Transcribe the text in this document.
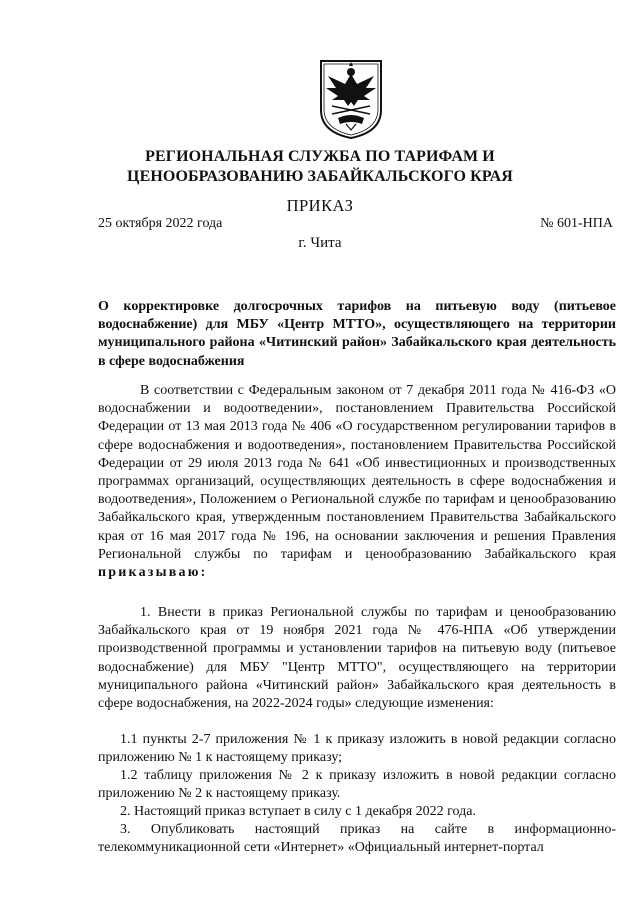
РЕГИОНАЛЬНАЯ СЛУЖБА ПО ТАРИФАМ И
ЦЕНООБРАЗОВАНИЮ ЗАБАЙКАЛЬСКОГО КРАЯ
ПРИКАЗ
25 октября 2022 года	№ 601-НПА
г. Чита
О корректировке долгосрочных тарифов на питьевую воду (питьевое водоснабжение) для МБУ «Центр МТТО», осуществляющего на территории муниципального района «Читинский район» Забайкальского края деятельность в сфере водоснабжения
В соответствии с Федеральным законом от 7 декабря 2011 года № 416-ФЗ «О водоснабжении и водоотведении», постановлением Правительства Российской Федерации от 13 мая 2013 года № 406 «О государственном регулировании тарифов в сфере водоснабжения и водоотведения», постановлением Правительства Российской Федерации от 29 июля 2013 года № 641 «Об инвестиционных и производственных программах организаций, осуществляющих деятельность в сфере водоснабжения и водоотведения», Положением о Региональной службе по тарифам и ценообразованию Забайкальского края, утвержденным постановлением Правительства Забайкальского края от 16 мая 2017 года № 196, на основании заключения и решения Правления Региональной службы по тарифам и ценообразованию Забайкальского края приказываю:
1. Внести в приказ Региональной службы по тарифам и ценообразованию Забайкальского края от 19 ноября 2021 года № 476-НПА «Об утверждении производственной программы и установлении тарифов на питьевую воду (питьевое водоснабжение) для МБУ "Центр МТТО", осуществляющего на территории муниципального района «Читинский район» Забайкальского края деятельность в сфере водоснабжения, на 2022-2024 годы» следующие изменения:
1.1 пункты 2-7 приложения № 1 к приказу изложить в новой редакции согласно приложению № 1 к настоящему приказу;
1.2 таблицу приложения № 2 к приказу изложить в новой редакции согласно приложению № 2 к настоящему приказу.
2. Настоящий приказ вступает в силу с 1 декабря 2022 года.
3. Опубликовать настоящий приказ на сайте в информационно-телекоммуникационной сети «Интернет» «Официальный интернет-портал
